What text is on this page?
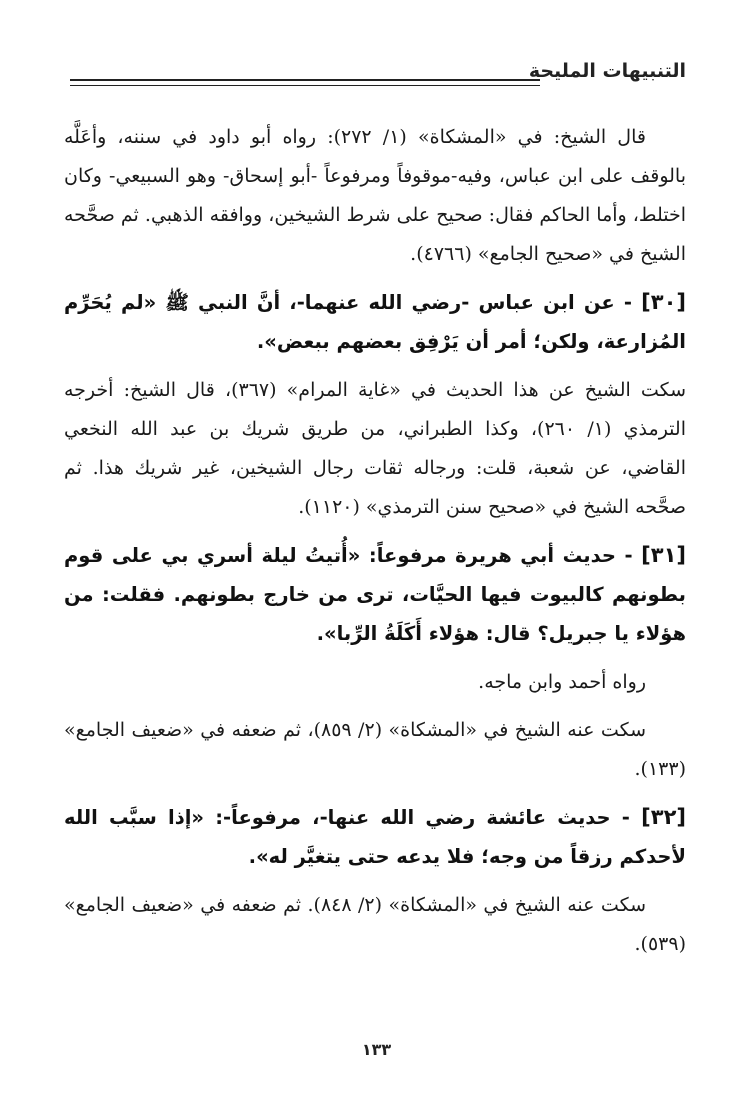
التنبيهات المليحة

قال الشيخ: في «المشكاة» (١/ ٢٧٢): رواه أبو داود في سننه، وأعَلَّه بالوقف على ابن عباس، وفيه-موقوفاً ومرفوعاً -أبو إسحاق- وهو السبيعي- وكان اختلط، وأما الحاكم فقال: صحيح على شرط الشيخين، ووافقه الذهبي. ثم صحَّحه الشيخ في «صحيح الجامع» (٤٧٦٦).

[٣٠] - عن ابن عباس -رضي الله عنهما-، أنَّ النبي ﷺ «لم يُحَرِّم المُزارعة، ولكن؛ أمر أن يَرْفِق بعضهم ببعض».

سكت الشيخ عن هذا الحديث في «غاية المرام» (٣٦٧)، قال الشيخ: أخرجه الترمذي (١/ ٢٦٠)، وكذا الطبراني، من طريق شريك بن عبد الله النخعي القاضي، عن شعبة، قلت: ورجاله ثقات رجال الشيخين، غير شريك هذا. ثم صحَّحه الشيخ في «صحيح سنن الترمذي» (١١٢٠).

[٣١] - حديث أبي هريرة مرفوعاً: «أُتيتُ ليلة أسري بي على قوم بطونهم كالبيوت فيها الحيَّات، ترى من خارج بطونهم. فقلت: من هؤلاء يا جبريل؟ قال: هؤلاء أَكَلَةُ الرِّبا».

رواه أحمد وابن ماجه.

سكت عنه الشيخ في «المشكاة» (٢/ ٨٥٩)، ثم ضعفه في «ضعيف الجامع» (١٣٣).

[٣٢] - حديث عائشة رضي الله عنها-، مرفوعاً-: «إذا سبَّب الله لأحدكم رزقاً من وجه؛ فلا يدعه حتى يتغيَّر له».

سكت عنه الشيخ في «المشكاة» (٢/ ٨٤٨). ثم ضعفه في «ضعيف الجامع» (٥٣٩).

١٣٣
